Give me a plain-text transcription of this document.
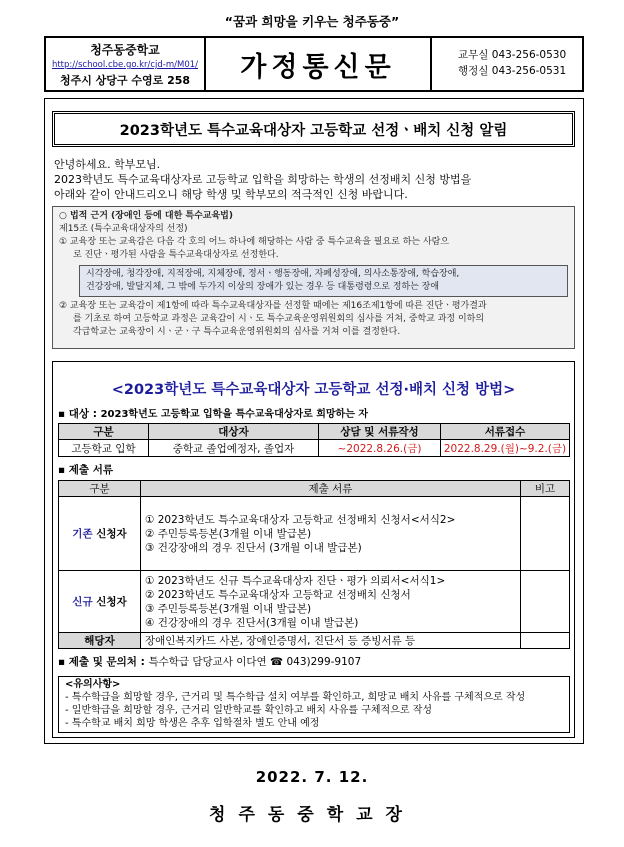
“꿈과 희망을 키우는 청주동중”
청주동중학교
http://school.cbe.go.kr/cjd-m/M01/
청주시 상당구 수영로 258	가정통신문	교무실 043-256-0530
행정실 043-256-0531
2023학년도 특수교육대상자 고등학교 선정ㆍ배치 신청 알림
안녕하세요. 학부모님.
2023학년도 특수교육대상자로 고등학교 입학을 희망하는 학생의 선정배치 신청 방법을
아래와 같이 안내드리오니 해당 학생 및 학부모의 적극적인 신청 바랍니다.
○ 법적 근거 (장애인 등에 대한 특수교육법)
제15조 (특수교육대상자의 선정)
① 교육장 또는 교육감은 다음 각 호의 어느 하나에 해당하는 사람 중 특수교육을 필요로 하는 사람으
로 진단ㆍ평가된 사람을 특수교육대상자로 선정한다.
시각장애, 청각장애, 지적장애, 지체장애, 정서ㆍ행동장애, 자폐성장애, 의사소통장애, 학습장애,
건강장애, 발달지체, 그 밖에 두가지 이상의 장애가 있는 경우 등 대통령령으로 정하는 장애
② 교육장 또는 교육감이 제1항에 따라 특수교육대상자를 선정할 때에는 제16조제1항에 따른 진단ㆍ평가결과
를 기초로 하여 고등학교 과정은 교육감이 시ㆍ도 특수교육운영위원회의 심사를 거쳐, 중학교 과정 이하의
각급학교는 교육장이 시ㆍ군ㆍ구 특수교육운영위원회의 심사를 거쳐 이를 결정한다.
<2023학년도 특수교육대상자 고등학교 선정·배치 신청 방법>
▪ 대상 : 2023학년도 고등학교 입학을 특수교육대상자로 희망하는 자
구분	대상자	상담 및 서류작성	서류접수
고등학교 입학	중학교 졸업예정자, 졸업자	~2022.8.26.(금)	2022.8.29.(월)~9.2.(금)
▪ 제출 서류
구분	제출 서류	비고
기존 신청자	① 2023학년도 특수교육대상자 고등학교 선정배치 신청서<서식2>
② 주민등록등본(3개월 이내 발급본)
③ 건강장애의 경우 진단서 (3개월 이내 발급본)	

신규 신청자	① 2023학년도 신규 특수교육대상자 진단ㆍ평가 의뢰서<서식1>
② 2023학년도 특수교육대상자 고등학교 선정배치 신청서
③ 주민등록등본(3개월 이내 발급본)
④ 건강장애의 경우 진단서(3개월 이내 발급본)	

해당자	장애인복지카드 사본, 장애인증명서, 진단서 등 증빙서류 등	
▪ 제출 및 문의처 : 특수학급 담당교사 이다연 ☎ 043)299-9107
<유의사항>
- 특수학급을 희망할 경우, 근거리 및 특수학급 설치 여부를 확인하고, 희망교 배치 사유를 구체적으로 작성
- 일반학급을 희망할 경우, 근거리 일반학교를 확인하고 배치 사유를 구체적으로 작성
- 특수학교 배치 희망 학생은 추후 입학절차 별도 안내 예정
2022. 7. 12.
청주동중학교장
